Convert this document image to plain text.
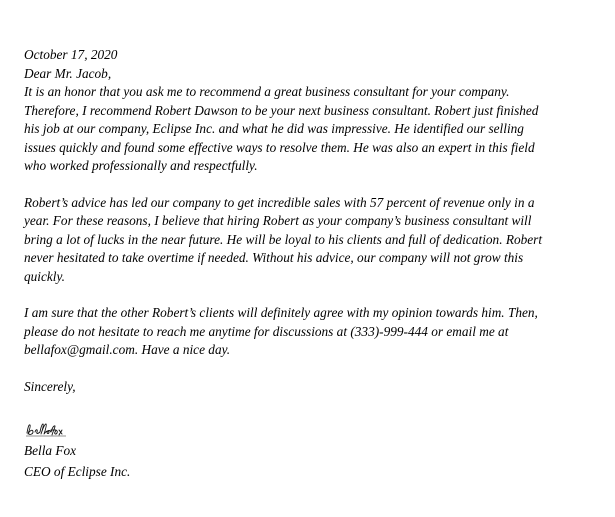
October 17, 2020

Dear Mr. Jacob,

It is an honor that you ask me to recommend a great business consultant for your company.
Therefore, I recommend Robert Dawson to be your next business consultant. Robert just finished
his job at our company, Eclipse Inc. and what he did was impressive. He identified our selling
issues quickly and found some effective ways to resolve them. He was also an expert in this field
who worked professionally and respectfully.
Robert’s advice has led our company to get incredible sales with 57 percent of revenue only in a
year. For these reasons, I believe that hiring Robert as your company’s business consultant will
bring a lot of lucks in the near future. He will be loyal to his clients and full of dedication. Robert
never hesitated to take overtime if needed. Without his advice, our company will not grow this
quickly.
I am sure that the other Robert’s clients will definitely agree with my opinion towards him. Then,
please do not hesitate to reach me anytime for discussions at (333)-999-444 or email me at
bellafox@gmail.com. Have a nice day.

Sincerely,

Bella Fox

CEO of Eclipse Inc.
